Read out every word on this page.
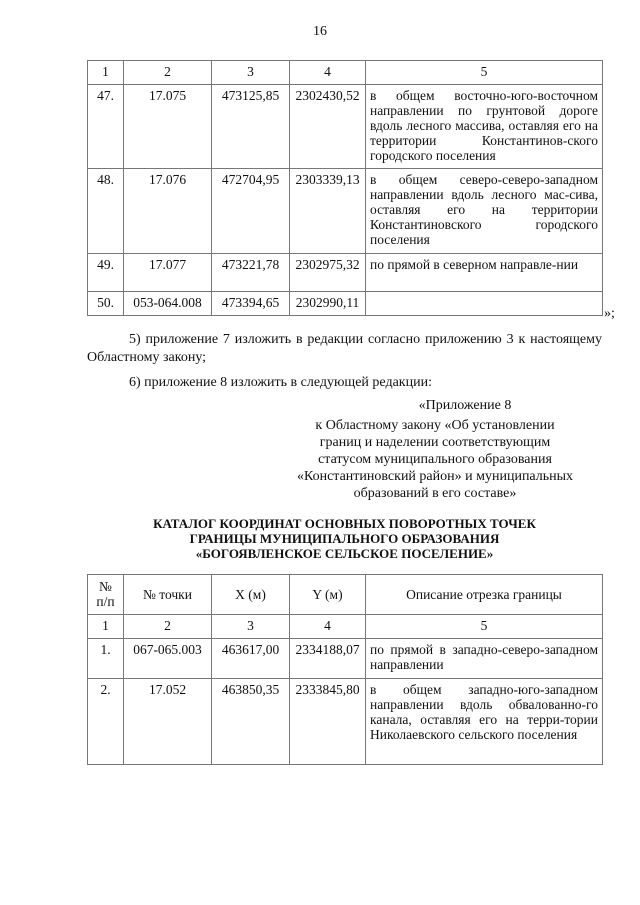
16
1	2	3	4	5
47.	17.075	473125,85	2302430,52	в общем восточно-юго-восточном направлении по грунтовой дороге вдоль лесного массива, оставляя его на территории Константинов-ского городского поселения
48.	17.076	472704,95	2303339,13	в общем северо-северо-западном направлении вдоль лесного мас-сива, оставляя его на территории Константиновского городского поселения
49.	17.077	473221,78	2302975,32	по прямой в северном направле-нии
50.	053-064.008	473394,65	2302990,11	
»;
5) приложение 7 изложить в редакции согласно приложению 3 к настоящему Областному закону;
6) приложение 8 изложить в следующей редакции:
«Приложение 8
к Областному закону «Об установлении
границ и наделении соответствующим
статусом муниципального образования
«Константиновский район» и муниципальных
образований в его составе»
КАТАЛОГ КООРДИНАТ ОСНОВНЫХ ПОВОРОТНЫХ ТОЧЕК
ГРАНИЦЫ МУНИЦИПАЛЬНОГО ОБРАЗОВАНИЯ
«БОГОЯВЛЕНСКОЕ СЕЛЬСКОЕ ПОСЕЛЕНИЕ»
№
п/п	№ точки	X (м)	Y (м)	Описание отрезка границы
1	2	3	4	5
1.	067-065.003	463617,00	2334188,07	по прямой в западно-северо-западном направлении
2.	17.052	463850,35	2333845,80	в общем западно-юго-западном направлении вдоль обвалованно-го канала, оставляя его на терри-тории Николаевского сельского поселения
